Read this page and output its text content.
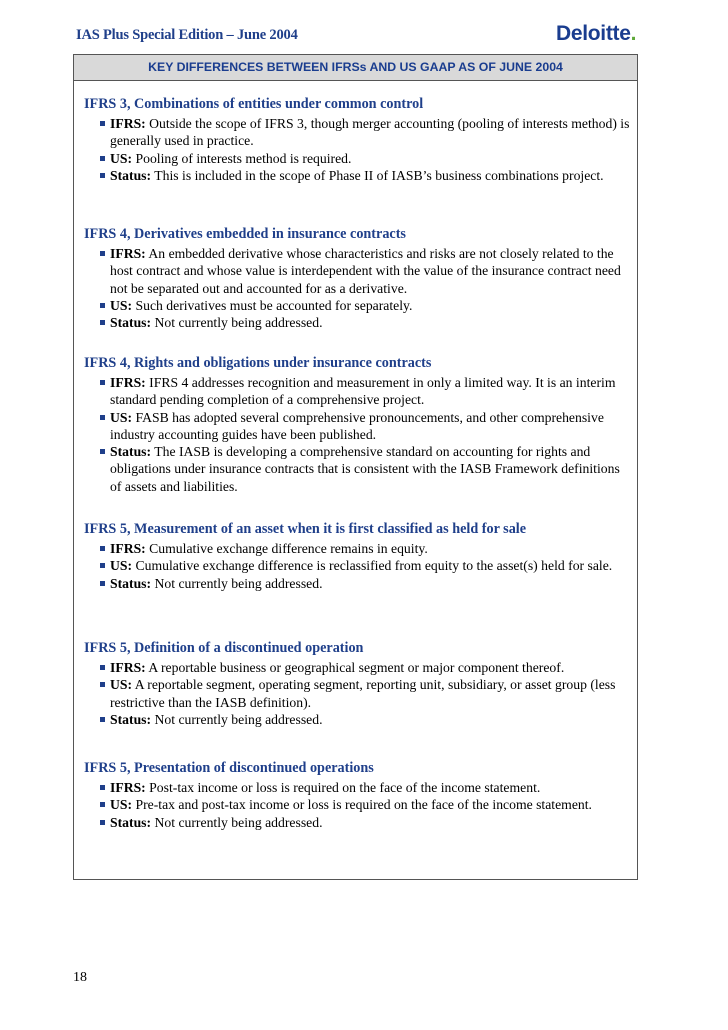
IAS Plus Special Edition – June 2004	Deloitte.
KEY DIFFERENCES BETWEEN IFRSs AND US GAAP AS OF JUNE 2004

IFRS 3, Combinations of entities under common control

IFRS: Outside the scope of IFRS 3, though merger accounting (pooling of interests method) is generally used in practice.
US: Pooling of interests method is required.
Status: This is included in the scope of Phase II of IASB’s business combinations project.

IFRS 4, Derivatives embedded in insurance contracts

IFRS: An embedded derivative whose characteristics and risks are not closely related to the host contract and whose value is interdependent with the value of the insurance contract need not be separated out and accounted for as a derivative.
US: Such derivatives must be accounted for separately.
Status: Not currently being addressed.

IFRS 4, Rights and obligations under insurance contracts

IFRS: IFRS 4 addresses recognition and measurement in only a limited way. It is an interim standard pending completion of a comprehensive project.
US: FASB has adopted several comprehensive pronouncements, and other comprehensive industry accounting guides have been published.
Status: The IASB is developing a comprehensive standard on accounting for rights and obligations under insurance contracts that is consistent with the IASB Framework definitions of assets and liabilities.

IFRS 5, Measurement of an asset when it is first classified as held for sale

IFRS: Cumulative exchange difference remains in equity.
US: Cumulative exchange difference is reclassified from equity to the asset(s) held for sale.
Status: Not currently being addressed.

IFRS 5, Definition of a discontinued operation

IFRS: A reportable business or geographical segment or major component thereof.
US: A reportable segment, operating segment, reporting unit, subsidiary, or asset group (less restrictive than the IASB definition).
Status: Not currently being addressed.

IFRS 5, Presentation of discontinued operations

IFRS: Post-tax income or loss is required on the face of the income statement.
US: Pre-tax and post-tax income or loss is required on the face of the income statement.
Status: Not currently being addressed.
18
